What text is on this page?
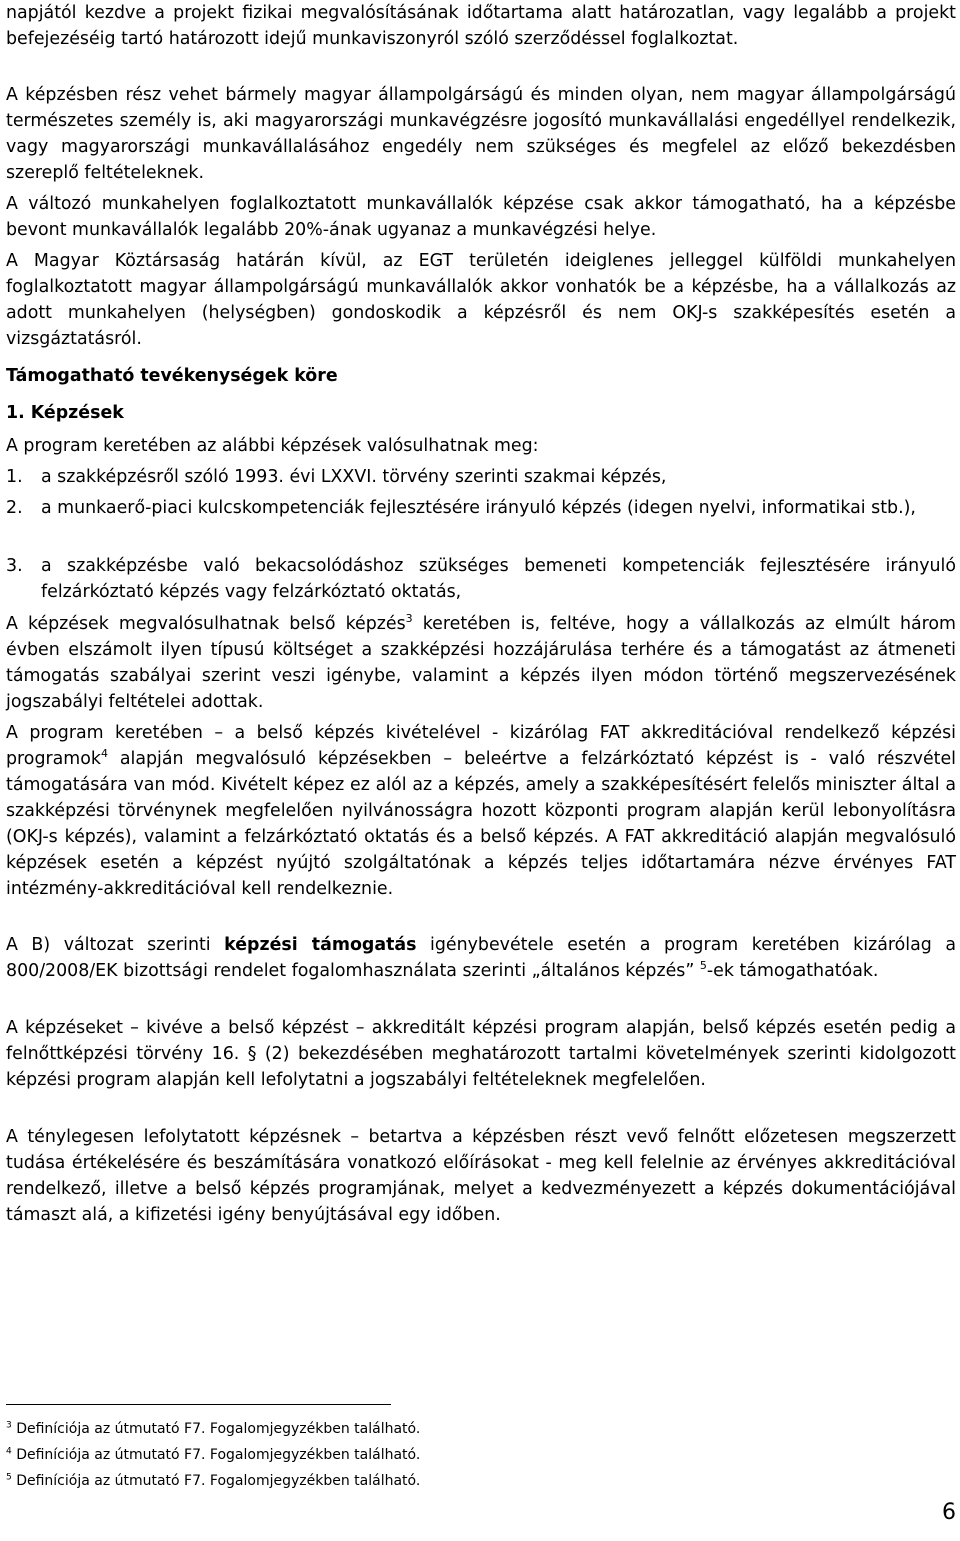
napjától kezdve a projekt fizikai megvalósításának időtartama alatt határozatlan, vagy legalább a projekt befejezéséig tartó határozott idejű munkaviszonyról szóló szerződéssel foglalkoztat.

A képzésben rész vehet bármely magyar állampolgárságú és minden olyan, nem magyar állampolgárságú természetes személy is, aki magyarországi munkavégzésre jogosító munkavállalási engedéllyel rendelkezik, vagy magyarországi munkavállalásához engedély nem szükséges és megfelel az előző bekezdésben szereplő feltételeknek.

A változó munkahelyen foglalkoztatott munkavállalók képzése csak akkor támogatható, ha a képzésbe bevont munkavállalók legalább 20%-ának ugyanaz a munkavégzési helye.

A Magyar Köztársaság határán kívül, az EGT területén ideiglenes jelleggel külföldi munkahelyen foglalkoztatott magyar állampolgárságú munkavállalók akkor vonhatók be a képzésbe, ha a vállalkozás az adott munkahelyen (helységben) gondoskodik a képzésről és nem OKJ-s szakképesítés esetén a vizsgáztatásról.

Támogatható tevékenységek köre

1. Képzések

A program keretében az alábbi képzések valósulhatnak meg:

1. a szakképzésről szóló 1993. évi LXXVI. törvény szerinti szakmai képzés,
2. a munkaerő-piaci kulcskompetenciák fejlesztésére irányuló képzés (idegen nyelvi, informatikai stb.),
3. a szakképzésbe való bekacsolódáshoz szükséges bemeneti kompetenciák fejlesztésére irányuló felzárkóztató képzés vagy felzárkóztató oktatás,

A képzések megvalósulhatnak belső képzés$^3$ keretében is, feltéve, hogy a vállalkozás az elmúlt három évben elszámolt ilyen típusú költséget a szakképzési hozzájárulása terhére és a támogatást az átmeneti támogatás szabályai szerint veszi igénybe, valamint a képzés ilyen módon történő megszervezésének jogszabályi feltételei adottak.

A program keretében – a belső képzés kivételével - kizárólag FAT akkreditációval rendelkező képzési programok$^4$ alapján megvalósuló képzésekben – beleértve a felzárkóztató képzést is - való részvétel támogatására van mód. Kivételt képez ez alól az a képzés, amely a szakképesítésért felelős miniszter által a szakképzési törvénynek megfelelően nyilvánosságra hozott központi program alapján kerül lebonyolításra (OKJ-s képzés), valamint a felzárkóztató oktatás és a belső képzés. A FAT akkreditáció alapján megvalósuló képzések esetén a képzést nyújtó szolgáltatónak a képzés teljes időtartamára nézve érvényes FAT intézmény-akkreditációval kell rendelkeznie.

A B) változat szerinti képzési támogatás igénybevétele esetén a program keretében kizárólag a 800/2008/EK bizottsági rendelet fogalomhasználata szerinti „általános képzés” $^5$-ek támogathatóak.

A képzéseket – kivéve a belső képzést – akkreditált képzési program alapján, belső képzés esetén pedig a felnőttképzési törvény 16. § (2) bekezdésében meghatározott tartalmi követelmények szerinti kidolgozott képzési program alapján kell lefolytatni a jogszabályi feltételeknek megfelelően.

A ténylegesen lefolytatott képzésnek – betartva a képzésben részt vevő felnőtt előzetesen megszerzett tudása értékelésére és beszámítására vonatkozó előírásokat - meg kell felelnie az érvényes akkreditációval rendelkező, illetve a belső képzés programjának, melyet a kedvezményezett a képzés dokumentációjával támaszt alá, a kifizetési igény benyújtásával egy időben.

$^3$ Definíciója az útmutató F7. Fogalomjegyzékben található.
$^4$ Definíciója az útmutató F7. Fogalomjegyzékben található.
$^5$ Definíciója az útmutató F7. Fogalomjegyzékben található.
6
